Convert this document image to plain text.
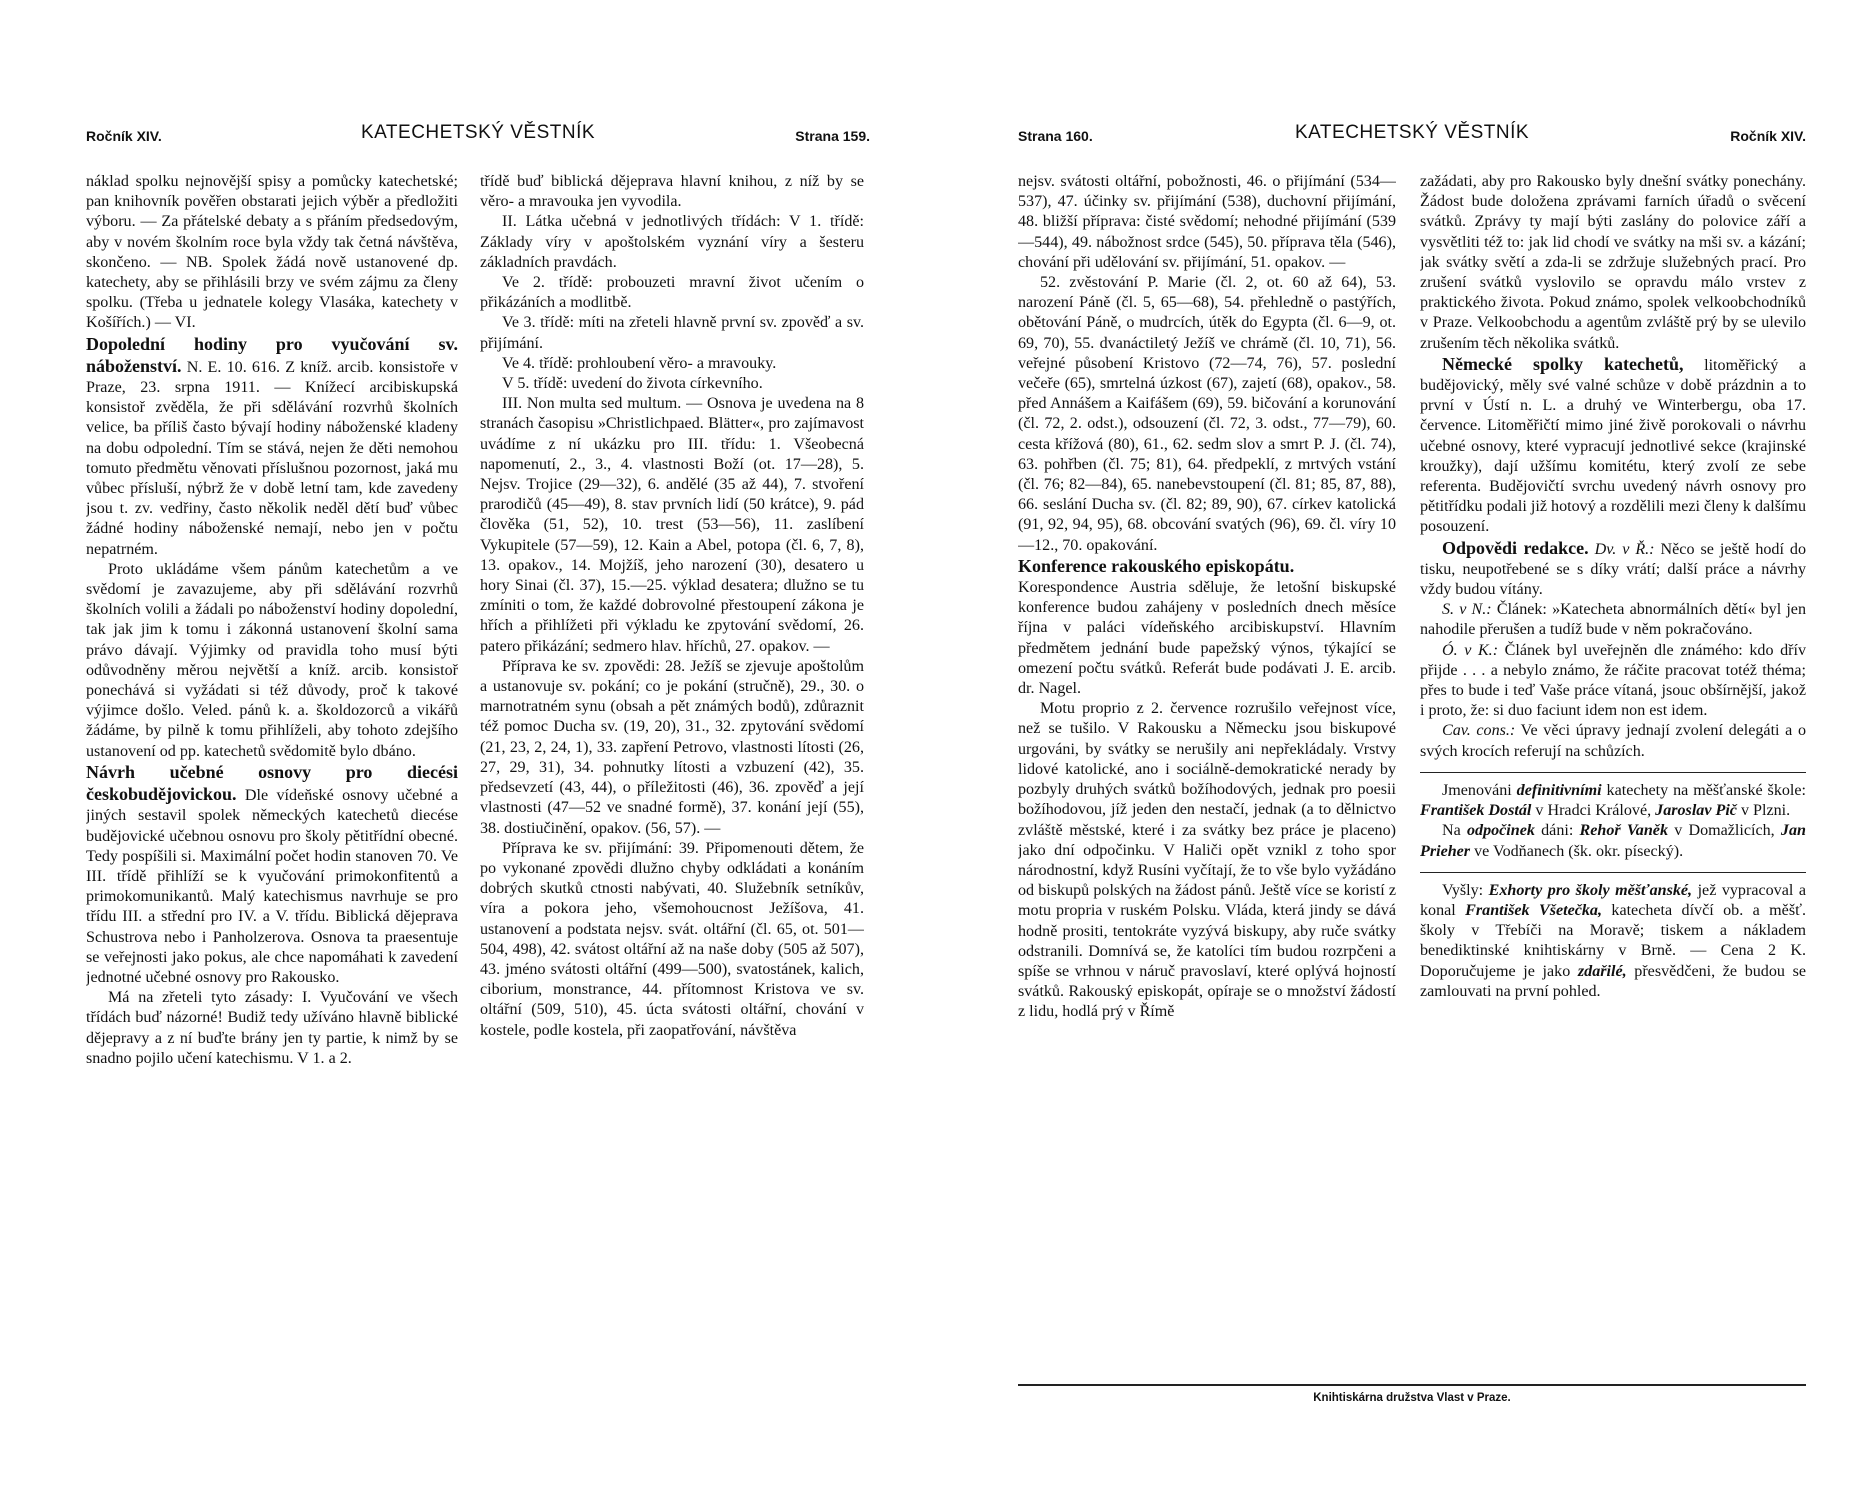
Ročník XIV.	KATECHETSKÝ VĚSTNÍK	Strana 159.	Strana 160.	KATECHETSKÝ VĚSTNÍK	Ročník XIV.

náklad spolku nejnovější spisy a pomůcky katechetské; pan knihovník pověřen obstarati jejich výběr a předložiti výboru. — Za přátelské debaty a s přáním předsedovým, aby v novém školním roce byla vždy tak četná návštěva, skončeno. — NB. Spolek žádá nově ustanovené dp. katechety, aby se přihlásili brzy ve svém zájmu za členy spolku. (Třeba u jednatele kolegy Vlasáka, katechety v Košířích.) — VI.

Dopolední hodiny pro vyučování sv. náboženství. N. E. 10. 616. Z kníž. arcib. konsistoře v Praze, 23. srpna 1911. — Knížecí arcibiskupská konsistoř zvěděla, že při sdělávání rozvrhů školních velice, ba příliš často bývají hodiny náboženské kladeny na dobu odpolední. Tím se stává, nejen že děti nemohou tomuto předmětu věnovati příslušnou pozornost, jaká mu vůbec přísluší, nýbrž že v době letní tam, kde zavedeny jsou t. zv. vedřiny, často několik neděl dětí buď vůbec žádné hodiny náboženské nemají, nebo jen v počtu nepatrném.

Proto ukládáme všem pánům katechetům a ve svědomí je zavazujeme, aby při sdělávání rozvrhů školních volili a žádali po náboženství hodiny dopolední, tak jak jim k tomu i zákonná ustanovení školní sama právo dávají. Výjimky od pravidla toho musí býti odůvodněny měrou největší a kníž. arcib. konsistoř ponechává si vyžádati si též důvody, proč k takové výjimce došlo. Veled. pánů k. a. školdozorců a vikářů žádáme, by pilně k tomu přihlíželi, aby tohoto zdejšího ustanovení od pp. katechetů svědomitě bylo dbáno.

Návrh učebné osnovy pro diecési českobudějovickou. Dle vídeňské osnovy učebné a jiných sestavil spolek německých katechetů diecése budějovické učebnou osnovu pro školy pětitřídní obecné. Tedy pospíšili si. Maximální počet hodin stanoven 70. Ve III. třídě přihlíží se k vyučování primokonfitentů a primokomunikantů. Malý katechismus navrhuje se pro třídu III. a střední pro IV. a V. třídu. Biblická dějeprava Schustrova nebo i Panholzerova. Osnova ta praesentuje se veřejnosti jako pokus, ale chce napomáhati k zavedení jednotné učebné osnovy pro Rakousko.

Má na zřeteli tyto zásady: I. Vyučování ve všech třídách buď názorné! Budiž tedy užíváno hlavně biblické dějepravy a z ní buďte brány jen ty partie, k nimž by se snadno pojilo učení katechismu. V 1. a 2.

třídě buď biblická dějeprava hlavní knihou, z níž by se věro- a mravouka jen vyvodila.

II. Látka učebná v jednotlivých třídách: V 1. třídě: Základy víry v apoštolském vyznání víry a šesteru základních pravdách.

Ve 2. třídě: probouzeti mravní život učením o přikázáních a modlitbě.

Ve 3. třídě: míti na zřeteli hlavně první sv. zpověď a sv. přijímání.

Ve 4. třídě: prohloubení věro- a mravouky.

V 5. třídě: uvedení do života církevního.

III. Non multa sed multum. — Osnova je uvedena na 8 stranách časopisu »Christlichpaed. Blätter«, pro zajímavost uvádíme z ní ukázku pro III. třídu: 1. Všeobecná napomenutí, 2., 3., 4. vlastnosti Boží (ot. 17—28), 5. Nejsv. Trojice (29—32), 6. andělé (35 až 44), 7. stvoření prarodičů (45—49), 8. stav prvních lidí (50 krátce), 9. pád člověka (51, 52), 10. trest (53—56), 11. zaslíbení Vykupitele (57—59), 12. Kain a Abel, potopa (čl. 6, 7, 8), 13. opakov., 14. Mojžíš, jeho narození (30), desatero u hory Sinai (čl. 37), 15.—25. výklad desatera; dlužno se tu zmíniti o tom, že každé dobrovolné přestoupení zákona je hřích a přihlížeti při výkladu ke zpytování svědomí, 26. patero přikázání; sedmero hlav. hříchů, 27. opakov. —

Příprava ke sv. zpovědi: 28. Ježíš se zjevuje apoštolům a ustanovuje sv. pokání; co je pokání (stručně), 29., 30. o marnotratném synu (obsah a pět známých bodů), zdůraznit též pomoc Ducha sv. (19, 20), 31., 32. zpytování svědomí (21, 23, 2, 24, 1), 33. zapření Petrovo, vlastnosti lítosti (26, 27, 29, 31), 34. pohnutky lítosti a vzbuzení (42), 35. předsevzetí (43, 44), o příležitosti (46), 36. zpověď a její vlastnosti (47—52 ve snadné formě), 37. konání její (55), 38. dostiučinění, opakov. (56, 57). —

Příprava ke sv. přijímání: 39. Připomenouti dětem, že po vykonané zpovědi dlužno chyby odkládati a konáním dobrých skutků ctnosti nabývati, 40. Služebník setníkův, víra a pokora jeho, všemohoucnost Ježíšova, 41. ustanovení a podstata nejsv. svát. oltářní (čl. 65, ot. 501—504, 498), 42. svátost oltářní až na naše doby (505 až 507), 43. jméno svátosti oltářní (499—500), svatostánek, kalich, ciborium, monstrance, 44. přítomnost Kristova ve sv. oltářní (509, 510), 45. úcta svátosti oltářní, chování v kostele, podle kostela, při zaopatřování, návštěva

nejsv. svátosti oltářní, pobožnosti, 46. o přijímání (534—537), 47. účinky sv. přijímání (538), duchovní přijímání, 48. bližší příprava: čisté svědomí; nehodné přijímání (539—544), 49. nábožnost srdce (545), 50. příprava těla (546), chování při udělování sv. přijímání, 51. opakov. —

52. zvěstování P. Marie (čl. 2, ot. 60 až 64), 53. narození Páně (čl. 5, 65—68), 54. přehledně o pastýřích, obětování Páně, o mudrcích, útěk do Egypta (čl. 6—9, ot. 69, 70), 55. dvanáctiletý Ježíš ve chrámě (čl. 10, 71), 56. veřejné působení Kristovo (72—74, 76), 57. poslední večeře (65), smrtelná úzkost (67), zajetí (68), opakov., 58. před Annášem a Kaifášem (69), 59. bičování a korunování (čl. 72, 2. odst.), odsouzení (čl. 72, 3. odst., 77—79), 60. cesta křížová (80), 61., 62. sedm slov a smrt P. J. (čl. 74), 63. pohřben (čl. 75; 81), 64. předpeklí, z mrtvých vstání (čl. 76; 82—84), 65. nanebevstoupení (čl. 81; 85, 87, 88), 66. seslání Ducha sv. (čl. 82; 89, 90), 67. církev katolická (91, 92, 94, 95), 68. obcování svatých (96), 69. čl. víry 10—12., 70. opakování.

Konference rakouského episkopátu.

Korespondence Austria sděluje, že letošní biskupské konference budou zahájeny v posledních dnech měsíce října v paláci vídeňského arcibiskupství. Hlavním předmětem jednání bude papežský výnos, týkající se omezení počtu svátků. Referát bude podávati J. E. arcib. dr. Nagel.

Motu proprio z 2. července rozrušilo veřejnost více, než se tušilo. V Rakousku a Německu jsou biskupové urgováni, by svátky se nerušily ani nepřekládaly. Vrstvy lidové katolické, ano i sociálně-demokratické nerady by pozbyly druhých svátků božíhodových, jednak pro poesii božíhodovou, jíž jeden den nestačí, jednak (a to dělnictvo zvláště městské, které i za svátky bez práce je placeno) jako dní odpočinku. V Haliči opět vznikl z toho spor národnostní, když Rusíni vyčítají, že to vše bylo vyžádáno od biskupů polských na žádost pánů. Ještě více se koristí z motu propria v ruském Polsku. Vláda, která jindy se dává hodně prositi, tentokráte vyzývá biskupy, aby ruče svátky odstranili. Domnívá se, že katolíci tím budou rozrpčeni a spíše se vrhnou v náruč pravoslaví, které oplývá hojností svátků. Rakouský episkopát, opíraje se o množství žádostí z lidu, hodlá prý v Římě

zažádati, aby pro Rakousko byly dnešní svátky ponechány. Žádost bude doložena zprávami farních úřadů o svěcení svátků. Zprávy ty mají býti zaslány do polovice září a vysvětliti též to: jak lid chodí ve svátky na mši sv. a kázání; jak svátky světí a zda-li se zdržuje služebných prací. Pro zrušení svátků vyslovilo se opravdu málo vrstev z praktického života. Pokud známo, spolek velkoobchodníků v Praze. Velkoobchodu a agentům zvláště prý by se ulevilo zrušením těch několika svátků.

Německé spolky katechetů, litoměřický a budějovický, měly své valné schůze v době prázdnin a to první v Ústí n. L. a druhý ve Winterbergu, oba 17. července. Litoměřičtí mimo jiné živě porokovali o návrhu učebné osnovy, které vypracují jednotlivé sekce (krajinské kroužky), dají užšímu komitétu, který zvolí ze sebe referenta. Budějovičtí svrchu uvedený návrh osnovy pro pětitřídku podali již hotový a rozdělili mezi členy k dalšímu posouzení.

Odpovědi redakce. Dv. v Ř.: Něco se ještě hodí do tisku, neupotřebené se s díky vrátí; další práce a návrhy vždy budou vítány.

S. v N.: Článek: »Katecheta abnormálních dětí« byl jen nahodile přerušen a tudíž bude v něm pokračováno.

Ó. v K.: Článek byl uveřejněn dle známého: kdo dřív přijde . . . a nebylo známo, že ráčite pracovat totéž théma; přes to bude i teď Vaše práce vítaná, jsouc obšírnější, jakož i proto, že: si duo faciunt idem non est idem.

Cav. cons.: Ve věci úpravy jednají zvolení delegáti a o svých krocích referují na schůzích.

Jmenováni definitivními katechety na měšťanské škole: František Dostál v Hradci Králové, Jaroslav Pič v Plzni.

Na odpočinek dáni: Rehoř Vaněk v Domažlicích, Jan Prieher ve Vodňanech (šk. okr. písecký).

Vyšly: Exhorty pro školy měšťanské, jež vypracoval a konal František Všetečka, katecheta dívčí ob. a měšť. školy v Třebíči na Moravě; tiskem a nákladem benediktinské knihtiskárny v Brně. — Cena 2 K. Doporučujeme je jako zdařilé, přesvědčeni, že budou se zamlouvati na první pohled.

Knihtiskárna družstva Vlast v Praze.
